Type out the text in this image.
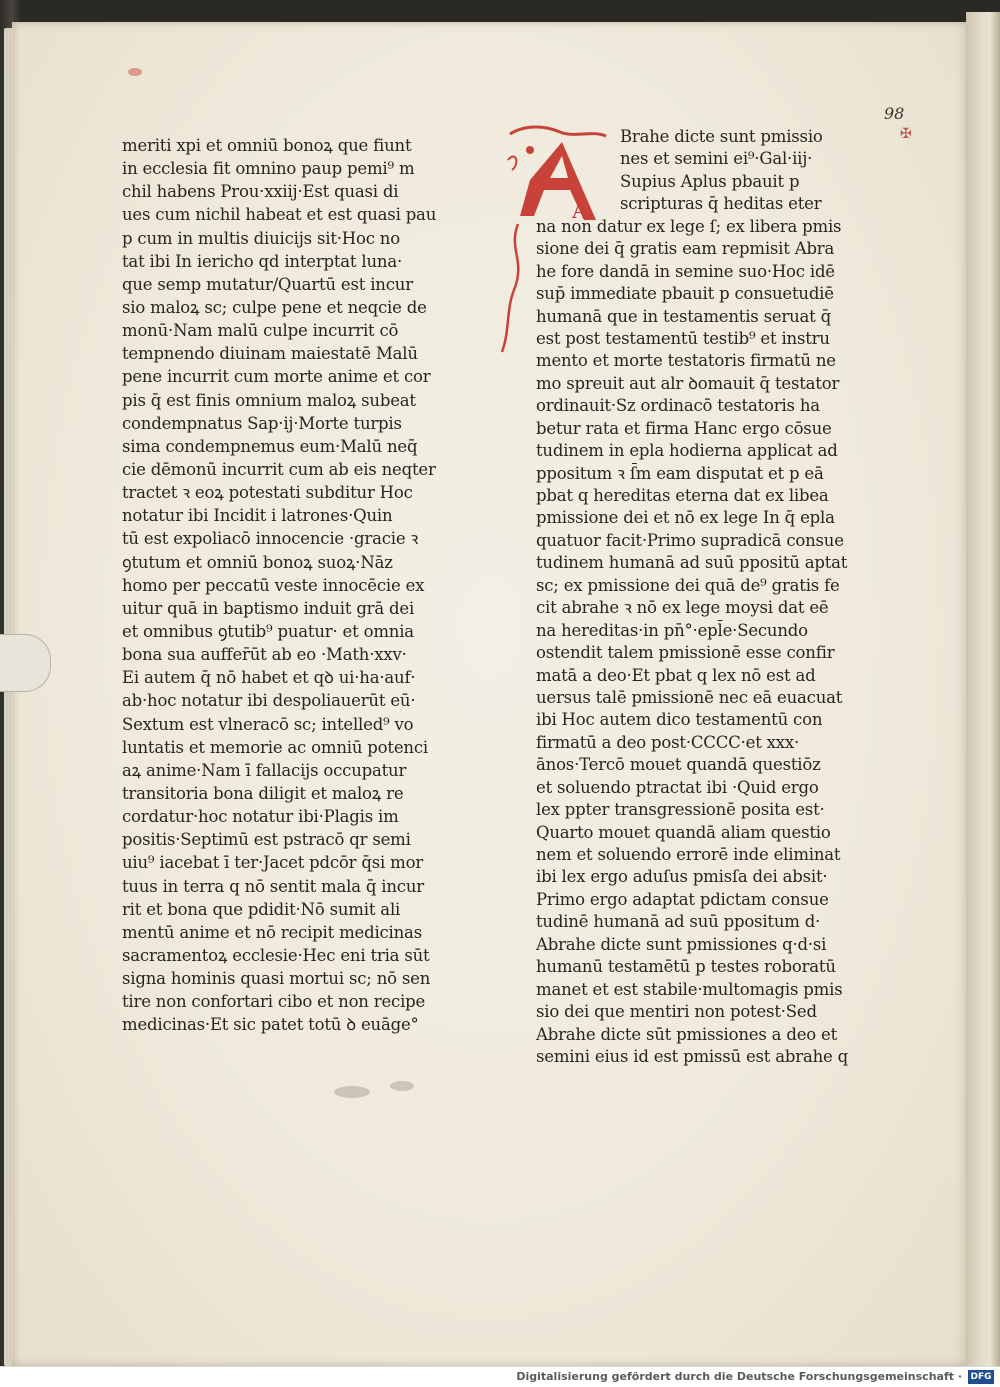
98
✠
A
meriti xpi et omniū bonoꝝ que fiunt
in ecclesia fit omnino paup pemi⁹ m
chil habens Prou·xxiij·Est quasi di
ues cum nichil habeat et est quasi pau
p cum in multis diuicijs sit·Hoc no
tat ibi In iericho qd interptat luna·
que semp mutatur/Quartū est incur
sio maloꝝ sc; culpe pene et neqcie de
monū·Nam malū culpe incurrit cō
tempnendo diuinam maiestatē Malū
pene incurrit cum morte anime et cor
pis q̄ est finis omnium maloꝝ subeat
condempnatus Sap·ij·Morte turpis
sima condempnemus eum·Malū neq̄
cie dēmonū incurrit cum ab eis neqter
tractet ꝛ eoꝝ potestati subditur Hoc
notatur ibi Incidit i latrones·Quin
tū est expoliacō innocencie ·gracie ꝛ
ꝯtutum et omniū bonoꝝ suoꝝ·Nāz
homo per peccatū veste innocēcie ex
uitur quā in baptismo induit grā dei
et omnibus ꝯtutib⁹ puatur· et omnia
bona sua auffer̄ūt ab eo ·Math·xxv·
Ei autem q̄ nō habet et qꝺ ui·ha·auf·
ab·hoc notatur ibi despoliauerūt eū·
Sextum est vlneracō sc; intelled⁹ vo
luntatis et memorie ac omniū potenci
aꝝ anime·Nam ī fallacijs occupatur
transitoria bona diligit et maloꝝ re
cordatur·hoc notatur ibi·Plagis im
positis·Septimū est pstracō qr semi
uiu⁹ iacebat ī ter·Jacet pdcōr q̄si mor
tuus in terra q nō sentit mala q̄ incur
rit et bona que pdidit·Nō sumit ali
mentū anime et nō recipit medicinas
sacramentoꝝ ecclesie·Hec eni tria sūt
signa hominis quasi mortui sc; nō sen
tire non confortari cibo et non recipe
medicinas·Et sic patet totū ꝺ euāge°
Brahe dicte sunt pmissio
nes et semini ei⁹·Gal·iij·
Supius Aplus pbauit p
scripturas q̄ heditas eter
na non datur ex lege ſ; ex libera pmis
sione dei q̄ gratis eam repmisit Abra
he fore dandā in semine suo·Hoc idē
sup̄ immediate pbauit p consuetudiē
humanā que in testamentis seruat q̄
est post testamentū testib⁹ et instru
mento et morte testatoris firmatū ne
mo spreuit aut alr ꝺomauit q̄ testator
ordinauit·Sz ordinacō testatoris ha
betur rata et firma Hanc ergo cōsue
tudinem in epla hodierna applicat ad
ppositum ꝛ ſ̄m eam disputat et p eā
pbat q hereditas eterna dat ex libea
pmissione dei et nō ex lege In q̄ epla
quatuor facit·Primo supradicā consue
tudinem humanā ad suū ppositū aptat
sc; ex pmissione dei quā de⁹ gratis fe
cit abrahe ꝛ nō ex lege moysi dat eē
na hereditas·in pn̄°·epl̄e·Secundo
ostendit talem pmissionē esse confir
matā a deo·Et pbat q lex nō est ad
uersus talē pmissionē nec eā euacuat
ibi Hoc autem dico testamentū con
firmatū a deo post·CCCC·et xxx·
ānos·Tercō mouet quandā questiōz
et soluendo ptractat ibi ·Quid ergo
lex ppter transgressionē posita est·
Quarto mouet quandā aliam questio
nem et soluendo errorē inde eliminat
ibi lex ergo aduſus pmisſa dei absit·
Primo ergo adaptat pdictam consue
tudinē humanā ad suū ppositum d·
Abrahe dicte sunt pmissiones q·d·si
humanū testamētū p testes roboratū
manet et est stabile·multomagis pmis
sio dei que mentiri non potest·Sed
Abrahe dicte sūt pmissiones a deo et
semini eius id est pmissū est abrahe q
Digitalisierung gefördert durch die Deutsche Forschungsgemeinschaft · DFG
